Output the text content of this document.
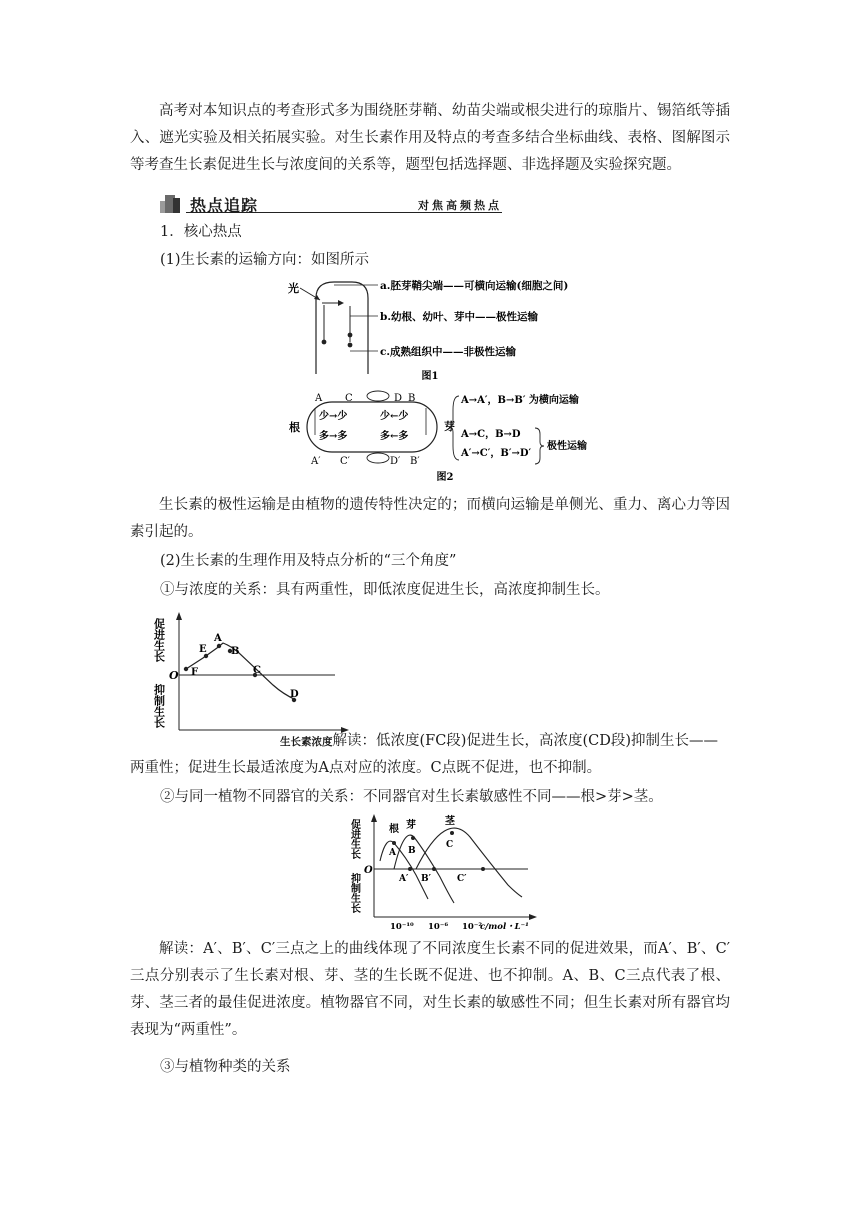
高考对本知识点的考查形式多为围绕胚芽鞘、幼苗尖端或根尖进行的琼脂片、锡箔纸等插入、遮光实验及相关拓展实验。对生长素作用及特点的考查多结合坐标曲线、表格、图解图示等考查生长素促进生长与浓度间的关系等，题型包括选择题、非选择题及实验探究题。

热点追踪	对焦高频热点
1．核心热点
(1)生长素的运输方向：如图所示
光	a.胚芽鞘尖端——可横向运输(细胞之间)
b.幼根、幼叶、芽中——极性运输
c.成熟组织中——非极性运输
图1
A C	D B
A′ C′	D′ B′
根	芽
少→少	少←少
多→多	多←多
A→A′，B→B′ 为横向运输
A→C，B→D
A′→C′，B′→D′
极性运输
图2

生长素的极性运输是由植物的遗传特性决定的；而横向运输是单侧光、重力、离心力等因素引起的。

(2)生长素的生理作用及特点分析的“三个角度”
①与浓度的关系：具有两重性，即低浓度促进生长，高浓度抑制生长。
促进生长
抑制生长
O F
E
A
B
C
D
生长素浓度解读：低浓度(FC段)促进生长，高浓度(CD段)抑制生长——
两重性；促进生长最适浓度为A点对应的浓度。C点既不促进，也不抑制。
②与同一植物不同器官的关系：不同器官对生长素敏感性不同——根>芽>茎。
促进生长
抑制生长
O
根 芽	茎
A B
C
A′ B′	C′
10⁻¹⁰ 10⁻⁶ 10⁻²
c/mol・L⁻¹

解读：A′、B′、C′三点之上的曲线体现了不同浓度生长素不同的促进效果，而A′、B′、C′三点分别表示了生长素对根、芽、茎的生长既不促进、也不抑制。A、B、C三点代表了根、芽、茎三者的最佳促进浓度。植物器官不同，对生长素的敏感性不同；但生长素对所有器官均表现为“两重性”。

③与植物种类的关系
